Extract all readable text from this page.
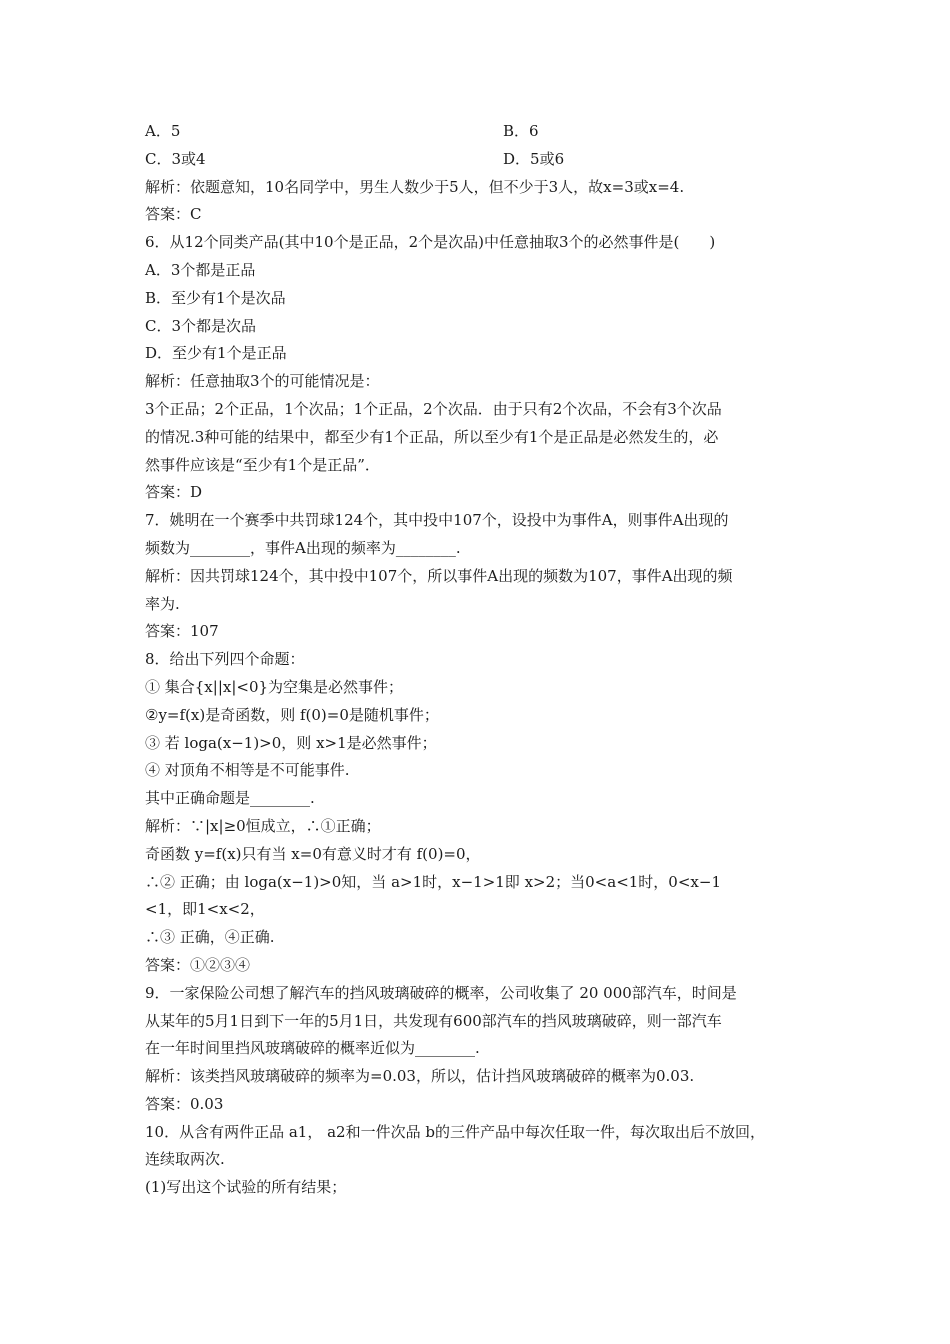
A．5	B．6
C．3或4	D．5或6
解析：依题意知，10名同学中，男生人数少于5人，但不少于3人，故x=3或x=4.
答案：C
6．从12个同类产品(其中10个是正品，2个是次品)中任意抽取3个的必然事件是(　　)
A．3个都是正品
B．至少有1个是次品
C．3个都是次品
D．至少有1个是正品
解析：任意抽取3个的可能情况是：
3个正品；2个正品，1个次品；1个正品，2个次品．由于只有2个次品，不会有3个次品
的情况.3种可能的结果中，都至少有1个正品，所以至少有1个是正品是必然发生的，必
然事件应该是“至少有1个是正品”．
答案：D
7．姚明在一个赛季中共罚球124个，其中投中107个，设投中为事件A，则事件A出现的
频数为________，事件A出现的频率为________.
解析：因共罚球124个，其中投中107个，所以事件A出现的频数为107，事件A出现的频
率为.
答案：107
8．给出下列四个命题：
① 集合{x||x|<0}为空集是必然事件；
②y=f(x)是奇函数，则 f(0)=0是随机事件；
③ 若 loga(x−1)>0，则 x>1是必然事件；
④ 对顶角不相等是不可能事件.
其中正确命题是________.
解析：∵|x|≥0恒成立，∴①正确；
奇函数 y=f(x)只有当 x=0有意义时才有 f(0)=0，
∴② 正确；由 loga(x−1)>0知，当 a>1时，x−1>1即 x>2；当0<a<1时，0<x−1
<1，即1<x<2，
∴③ 正确，④正确.
答案：①②③④
9．一家保险公司想了解汽车的挡风玻璃破碎的概率，公司收集了 20 000部汽车，时间是
从某年的5月1日到下一年的5月1日，共发现有600部汽车的挡风玻璃破碎，则一部汽车
在一年时间里挡风玻璃破碎的概率近似为________.
解析：该类挡风玻璃破碎的频率为=0.03，所以，估计挡风玻璃破碎的概率为0.03.
答案：0.03
10．从含有两件正品 a1， a2和一件次品 b的三件产品中每次任取一件，每次取出后不放回，
连续取两次.
(1)写出这个试验的所有结果；
